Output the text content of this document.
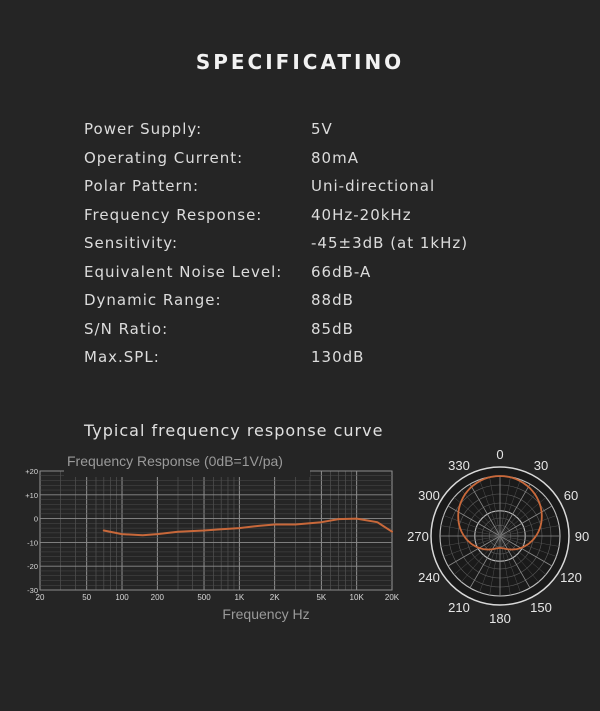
SPECIFICATINO
Power Supply:	5V
Operating Current:	80mA
Polar Pattern:	Uni-directional
Frequency Response:	40Hz-20kHz
Sensitivity:	-45±3dB (at 1kHz)
Equivalent Noise Level:	66dB-A
Dynamic Range:	88dB
S/N Ratio:	85dB
Max.SPL:	130dB
Typical frequency response curve
20	50	100	200	500	1K	2K	5K	10K	20K
+20
+10
0
-10
-20
-30
Frequency Response (0dB=1V/pa)
Frequency Hz
0
30
60
90
120
150
180
210
240
270
300
330
